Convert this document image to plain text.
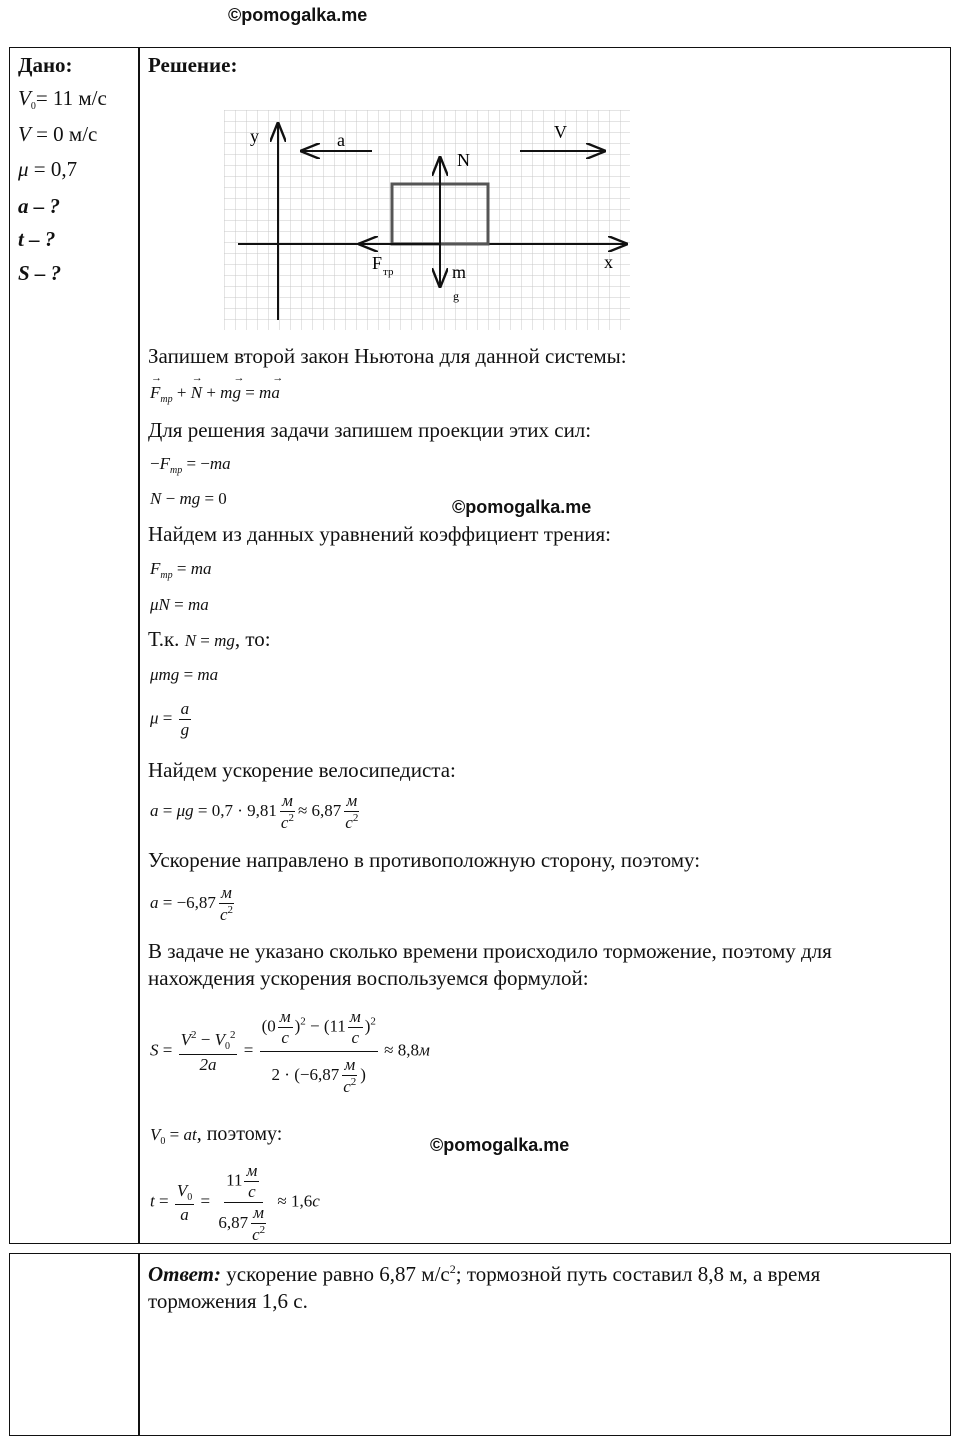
©pomogalka.me
©pomogalka.me
©pomogalka.me
Дано:
$V_0= 11$ м/с
V = 0 м/с
μ = 0,7
a – ?
t – ?
S – ?
Решение:
y
x
a	V
N
F тр	m
g
Запишем второй закон Ньютона для данной системы:
→ $F_{тр}$ + → N + m→ g = m→ a
Для решения задачи запишем проекции этих сил:
$-F_{тр} = -ma$
N − mg = 0
Найдем из данных уравнений коэффициент трения:
$F_{тр}$ = ma
μN = ma
Т.к. N = mg, то:
μmg = ma
$\mu = \frac{a}{g}$
Найдем ускорение велосипедиста:
$a = \mu g = 0,7 \cdot 9,81 \frac{м}{c^2} \approx 6,87 \frac{м}{c^2}$
Ускорение направлено в противоположную сторону, поэтому:
$a = -6,87 \frac{м}{c^2}$
В задаче не указано сколько времени происходило торможение, поэтому для
нахождения ускорения воспользуемся формулой:
$S = \frac{V^2 - V_0^2}{2a} = \frac{(0 \frac{м}{c} )^2 - (11 \frac{м}{c} )^2}{2 \cdot (-6,87 \frac{м}{c^2} )} \approx 8,8м$
$V_0$ = at, поэтому:
$t = \frac{V_0}{a} = \frac{11 \frac{м}{c}}{6,87 \frac{м}{c^2}} \approx 1,6c$
Ответ: ускорение равно 6,87 $м/с^2$; тормозной путь составил 8,8 м, а время
торможения 1,6 с.
